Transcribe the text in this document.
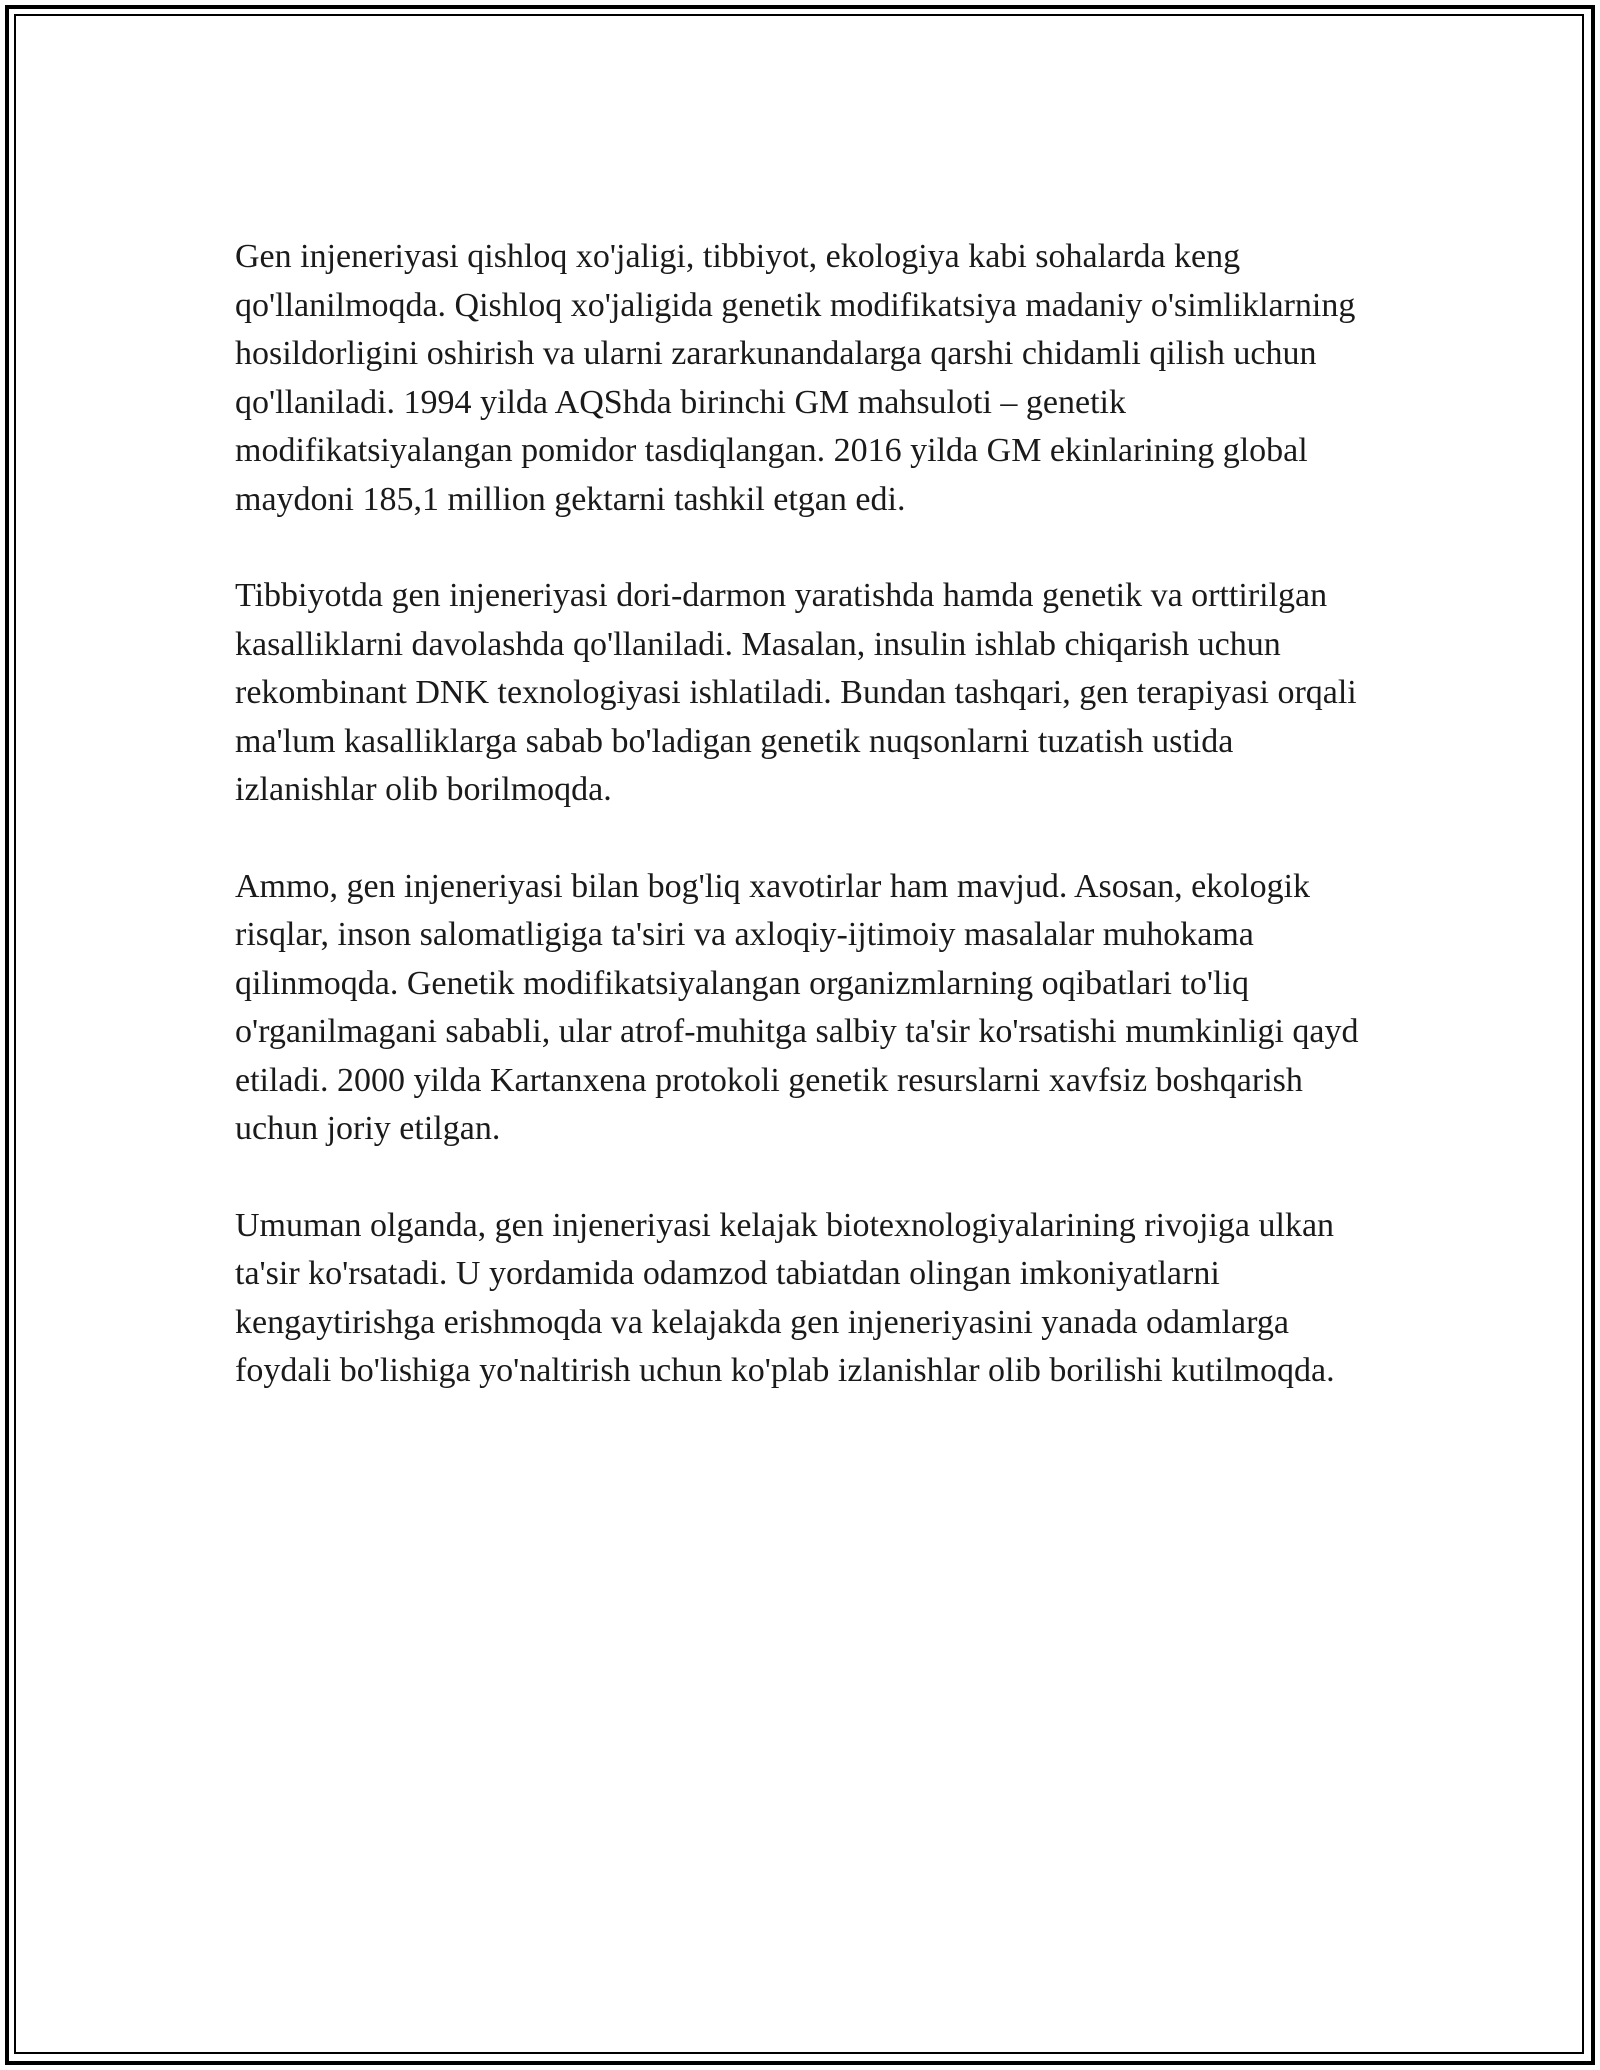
Gen injeneriyasi qishloq xo'jaligi, tibbiyot, ekologiya kabi sohalarda keng qo'llanilmoqda. Qishloq xo'jaligida genetik modifikatsiya madaniy o'simliklarning hosildorligini oshirish va ularni zararkunandalarga qarshi chidamli qilish uchun qo'llaniladi. 1994 yilda AQShda birinchi GM mahsuloti – genetik modifikatsiyalangan pomidor tasdiqlangan. 2016 yilda GM ekinlarining global maydoni 185,1 million gektarni tashkil etgan edi.

Tibbiyotda gen injeneriyasi dori-darmon yaratishda hamda genetik va orttirilgan kasalliklarni davolashda qo'llaniladi. Masalan, insulin ishlab chiqarish uchun rekombinant DNK texnologiyasi ishlatiladi. Bundan tashqari, gen terapiyasi orqali ma'lum kasalliklarga sabab bo'ladigan genetik nuqsonlarni tuzatish ustida izlanishlar olib borilmoqda.

Ammo, gen injeneriyasi bilan bog'liq xavotirlar ham mavjud. Asosan, ekologik risqlar, inson salomatligiga ta'siri va axloqiy-ijtimoiy masalalar muhokama qilinmoqda. Genetik modifikatsiyalangan organizmlarning oqibatlari to'liq o'rganilmagani sababli, ular atrof-muhitga salbiy ta'sir ko'rsatishi mumkinligi qayd etiladi. 2000 yilda Kartanxena protokoli genetik resurslarni xavfsiz boshqarish uchun joriy etilgan.

Umuman olganda, gen injeneriyasi kelajak biotexnologiyalarining rivojiga ulkan ta'sir ko'rsatadi. U yordamida odamzod tabiatdan olingan imkoniyatlarni kengaytirishga erishmoqda va kelajakda gen injeneriyasini yanada odamlarga foydali bo'lishiga yo'naltirish uchun ko'plab izlanishlar olib borilishi kutilmoqda.
